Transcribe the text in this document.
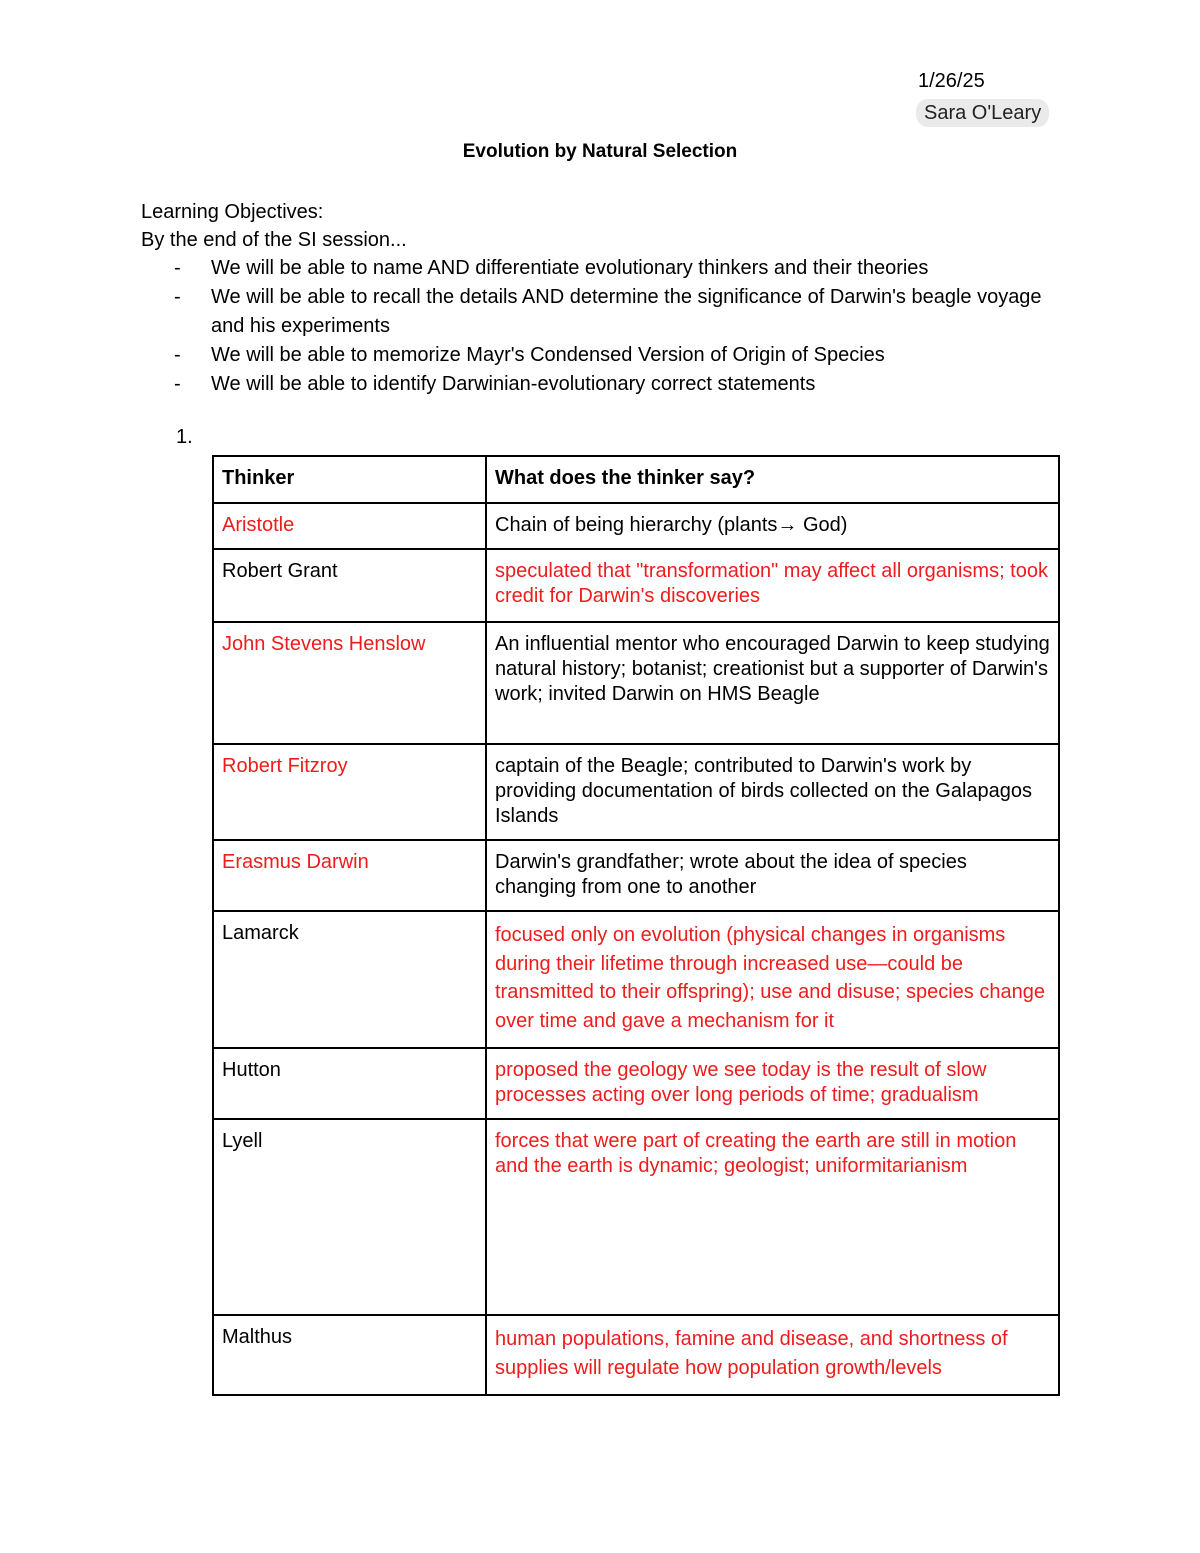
1/26/25
Sara O'Leary
Evolution by Natural Selection
Learning Objectives:
By the end of the SI session...
- We will be able to name AND differentiate evolutionary thinkers and their theories
- We will be able to recall the details AND determine the significance of Darwin's beagle voyage and his experiments
- We will be able to memorize Mayr's Condensed Version of Origin of Species
- We will be able to identify Darwinian-evolutionary correct statements
1.
Thinker	What does the thinker say?
Aristotle	Chain of being hierarchy (plants→ God)
Robert Grant	speculated that "transformation" may affect all organisms; took credit for Darwin's discoveries
John Stevens Henslow	An influential mentor who encouraged Darwin to keep studying natural history; botanist; creationist but a supporter of Darwin's work; invited Darwin on HMS Beagle
Robert Fitzroy	captain of the Beagle; contributed to Darwin's work by providing documentation of birds collected on the Galapagos Islands
Erasmus Darwin	Darwin's grandfather; wrote about the idea of species changing from one to another
Lamarck	focused only on evolution (physical changes in organisms during their lifetime through increased use—could be transmitted to their offspring); use and disuse; species change over time and gave a mechanism for it
Hutton	proposed the geology we see today is the result of slow processes acting over long periods of time; gradualism
Lyell	forces that were part of creating the earth are still in motion and the earth is dynamic; geologist; uniformitarianism
Malthus	human populations, famine and disease, and shortness of supplies will regulate how population growth/levels
